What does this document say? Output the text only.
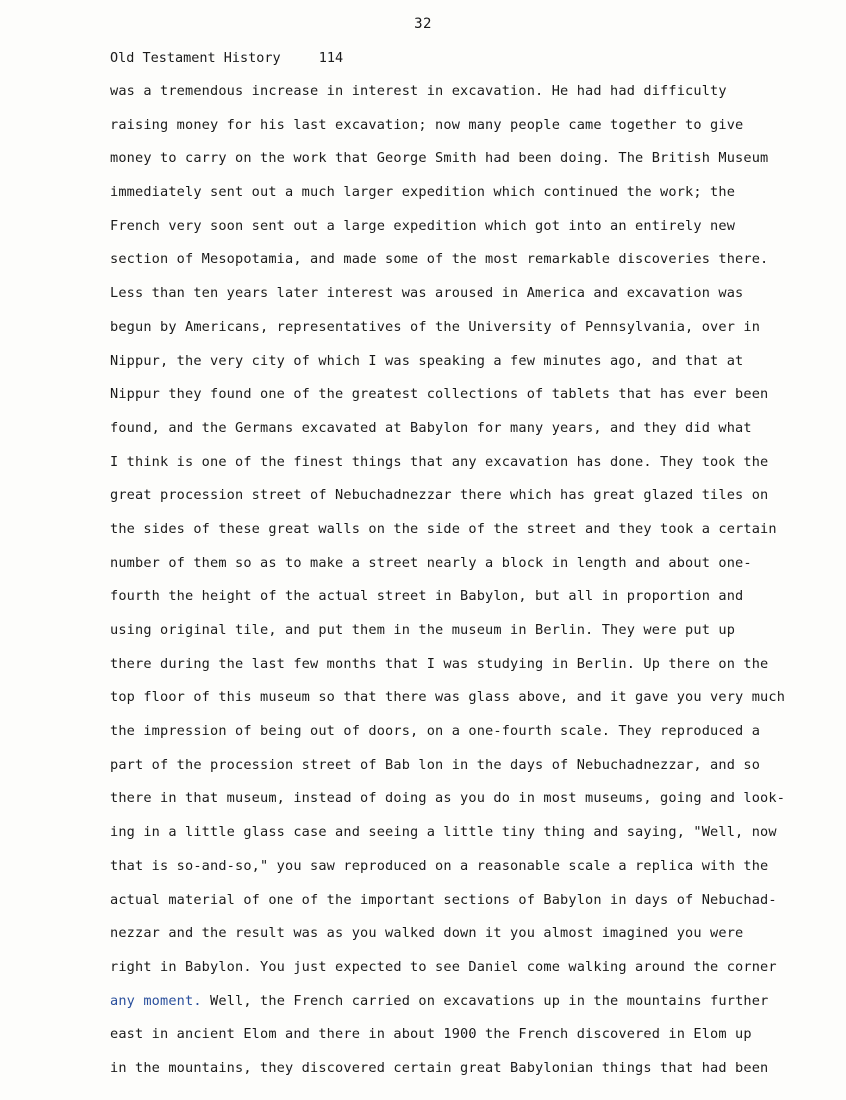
32
Old Testament History	114
was a tremendous increase in interest in excavation. He had had difficulty
raising money for his last excavation; now many people came together to give
money to carry on the work that George Smith had been doing. The British Museum
immediately sent out a much larger expedition which continued the work; the
French very soon sent out a large expedition which got into an entirely new
section of Mesopotamia, and made some of the most remarkable discoveries there.
Less than ten years later interest was aroused in America and excavation was
begun by Americans, representatives of the University of Pennsylvania, over in
Nippur, the very city of which I was speaking a few minutes ago, and that at
Nippur they found one of the greatest collections of tablets that has ever been
found, and the Germans excavated at Babylon for many years, and they did what
I think is one of the finest things that any excavation has done. They took the
great procession street of Nebuchadnezzar there which has great glazed tiles on
the sides of these great walls on the side of the street and they took a certain
number of them so as to make a street nearly a block in length and about one-
fourth the height of the actual street in Babylon, but all in proportion and
using original tile, and put them in the museum in Berlin. They were put up
there during the last few months that I was studying in Berlin. Up there on the
top floor of this museum so that there was glass above, and it gave you very much
the impression of being out of doors, on a one-fourth scale. They reproduced a
part of the procession street of Bab lon in the days of Nebuchadnezzar, and so
there in that museum, instead of doing as you do in most museums, going and look-
ing in a little glass case and seeing a little tiny thing and saying, "Well, now
that is so-and-so," you saw reproduced on a reasonable scale a replica with the
actual material of one of the important sections of Babylon in days of Nebuchad-
nezzar and the result was as you walked down it you almost imagined you were
right in Babylon. You just expected to see Daniel come walking around the corner
any moment. Well, the French carried on excavations up in the mountains further
east in ancient Elom and there in about 1900 the French discovered in Elom up
in the mountains, they discovered certain great Babylonian things that had been
